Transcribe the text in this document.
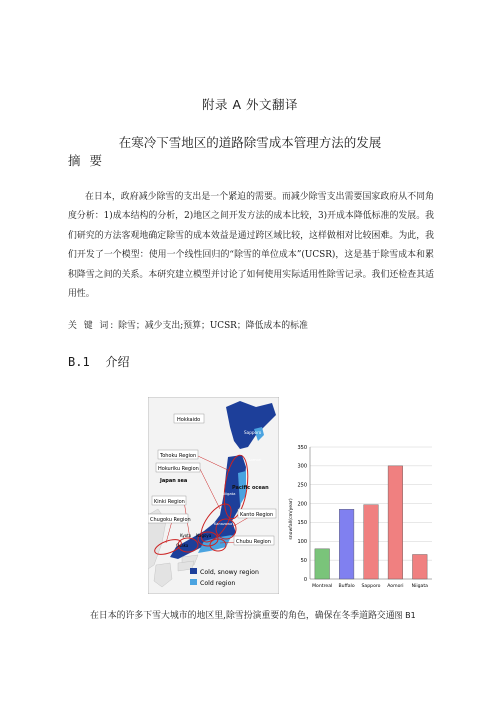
附录 A 外文翻译
在寒冷下雪地区的道路除雪成本管理方法的发展
摘要
在日本，政府减少除雪的支出是一个紧迫的需要。而减少除雪支出需要国家政府从不同角度分析：1)成本结构的分析，2)地区之间开发方法的成本比较，3)开成本降低标准的发展。我们研究的方法客观地确定除雪的成本效益是通过跨区域比较，这样做相对比较困难。为此，我们开发了一个模型：使用一个线性回归的“除雪的单位成本”(UCSR)，这是基于除雪成本和累积降雪之间的关系。本研究建立模型并讨论了如何使用实际适用性除雪记录。我们还检查其适用性。
关 键 词: 除雪；减少支出;预算；UCSR；降低成本的标准
B.1 介绍
Hokkaido
Sapporo
Aomori
Tohoku Region
Hokuriku Region
Japan sea
Niigata
Pacific ocean
Kinki Region
Kanto Region
Chugoku Region
Kanazawa
Kyoto Nagoya
Osaka
Chubu Region
Cold, snowy region
Cold region
0
50
100
150
200
250
300
350
Montreal Buffalo Sapporo Aomori Niigata
snowfall(cm/year)
在日本的许多下雪大城市的地区里,除雪扮演重要的角色，确保在冬季道路交通图 B1
